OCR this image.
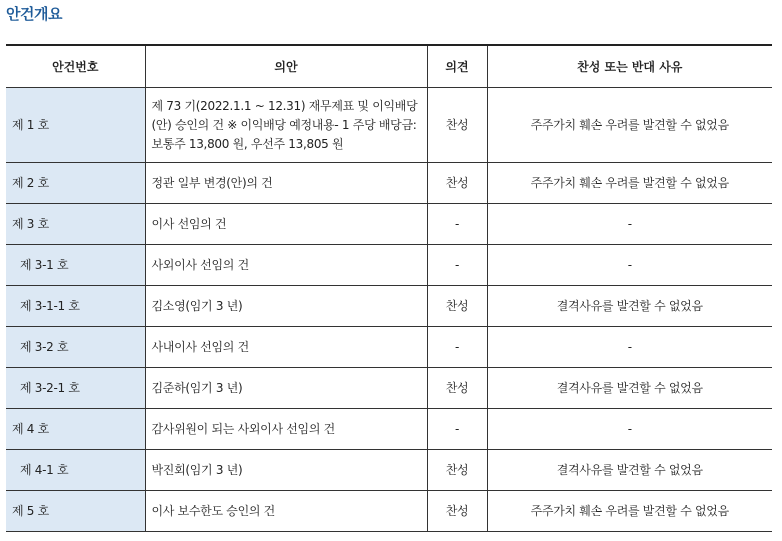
안건개요
안건번호	의안	의견	찬성 또는 반대 사유
제 1 호	제 73 기(2022.1.1 ~ 12.31) 재무제표 및 이익배당(안) 승인의 건 ※ 이익배당 예정내용- 1 주당 배당금: 보통주 13,800 원, 우선주 13,805 원	찬성	주주가치 훼손 우려를 발견할 수 없었음
제 2 호	정관 일부 변경(안)의 건	찬성	주주가치 훼손 우려를 발견할 수 없었음
제 3 호	이사 선임의 건	-	-
제 3-1 호	사외이사 선임의 건	-	-
제 3-1-1 호	김소영(임기 3 년)	찬성	결격사유를 발견할 수 없었음
제 3-2 호	사내이사 선임의 건	-	-
제 3-2-1 호	김준하(임기 3 년)	찬성	결격사유를 발견할 수 없었음
제 4 호	감사위원이 되는 사외이사 선임의 건	-	-
제 4-1 호	박진회(임기 3 년)	찬성	결격사유를 발견할 수 없었음
제 5 호	이사 보수한도 승인의 건	찬성	주주가치 훼손 우려를 발견할 수 없었음
